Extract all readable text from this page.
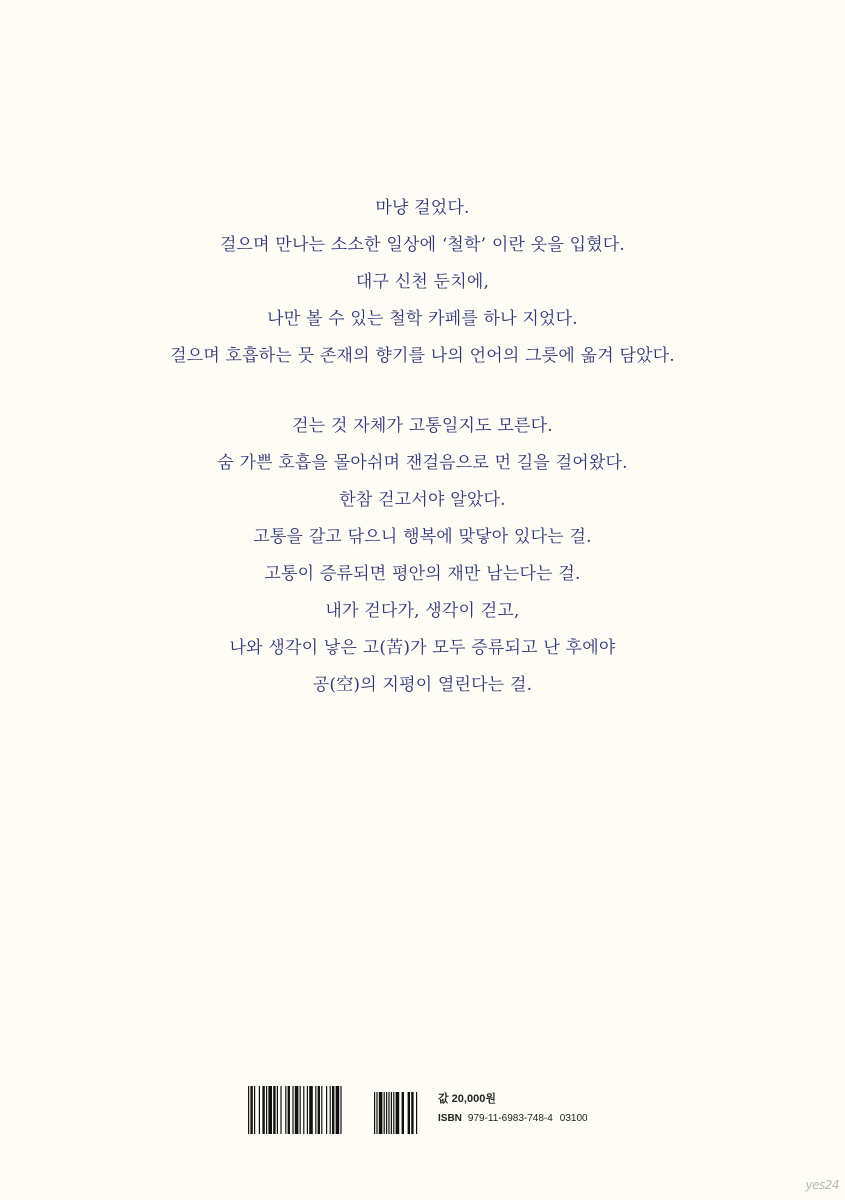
마냥 걸었다.
걸으며 만나는 소소한 일상에 ‘철학’ 이란 옷을 입혔다.
대구 신천 둔치에,
나만 볼 수 있는 철학 카페를 하나 지었다.
걸으며 호흡하는 뭇 존재의 향기를 나의 언어의 그릇에 옮겨 담았다.
걷는 것 자체가 고통일지도 모른다.
숨 가쁜 호흡을 몰아쉬며 잰걸음으로 먼 길을 걸어왔다.
한참 걷고서야 알았다.
고통을 갈고 닦으니 행복에 맞닿아 있다는 걸.
고통이 증류되면 평안의 재만 남는다는 걸.
내가 걷다가, 생각이 걷고,
나와 생각이 낳은 고(苦)가 모두 증류되고 난 후에야
공(空)의 지평이 열린다는 걸.
값 20,000원
ISBN 979-11-6983-748-4 03100
yes24
